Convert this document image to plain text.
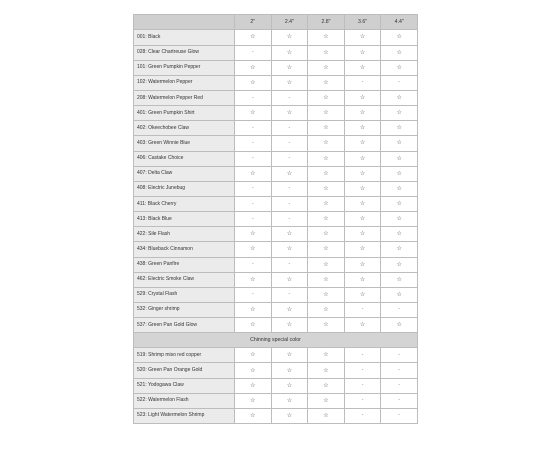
	2"	2.4"	2.8"	3.6"	4.4"
001: Black	☆	☆	☆	☆	☆
028: Clear Chartreuse Glow	-	☆	☆	☆	☆
101: Green Pumpkin Pepper	☆	☆	☆	☆	☆
102: Watermelon Pepper	☆	☆	☆	-	-
208: Watermelon Pepper Red	-	-	☆	☆	☆
401: Green Pumpkin Shirt	☆	☆	☆	☆	☆
402: Okeechobee Claw	-	-	☆	☆	☆
403: Green Winnie Blue	-	-	☆	☆	☆
406: Castake Choice	-	-	☆	☆	☆
407: Delta Claw	☆	☆	☆	☆	☆
408: Electric Junebug	-	-	☆	☆	☆
411: Black Cherry	-	-	☆	☆	☆
413: Black Blue	-	-	☆	☆	☆
422: Sile Flash	☆	☆	☆	☆	☆
434: Blueback Cinnamon	☆	☆	☆	☆	☆
438: Green Panfire	-	-	☆	☆	☆
462: Electric Smoke Claw	☆	☆	☆	☆	☆
529: Crystal Flash	-	-	☆	☆	☆
532: Ginger shrimp	☆	☆	☆	-	-
537: Green Pan Gold Glow	☆	☆	☆	☆	☆
Chinning special color					
519: Shrimp miso red copper	☆	☆	☆	-	-
520: Green Pan Orange Gold	☆	☆	☆	-	-
521: Yodogawa Claw	☆	☆	☆	-	-
522: Watermelon Flash	☆	☆	☆	-	-
523: Light Watermelon Shrimp	☆	☆	☆	-	-
